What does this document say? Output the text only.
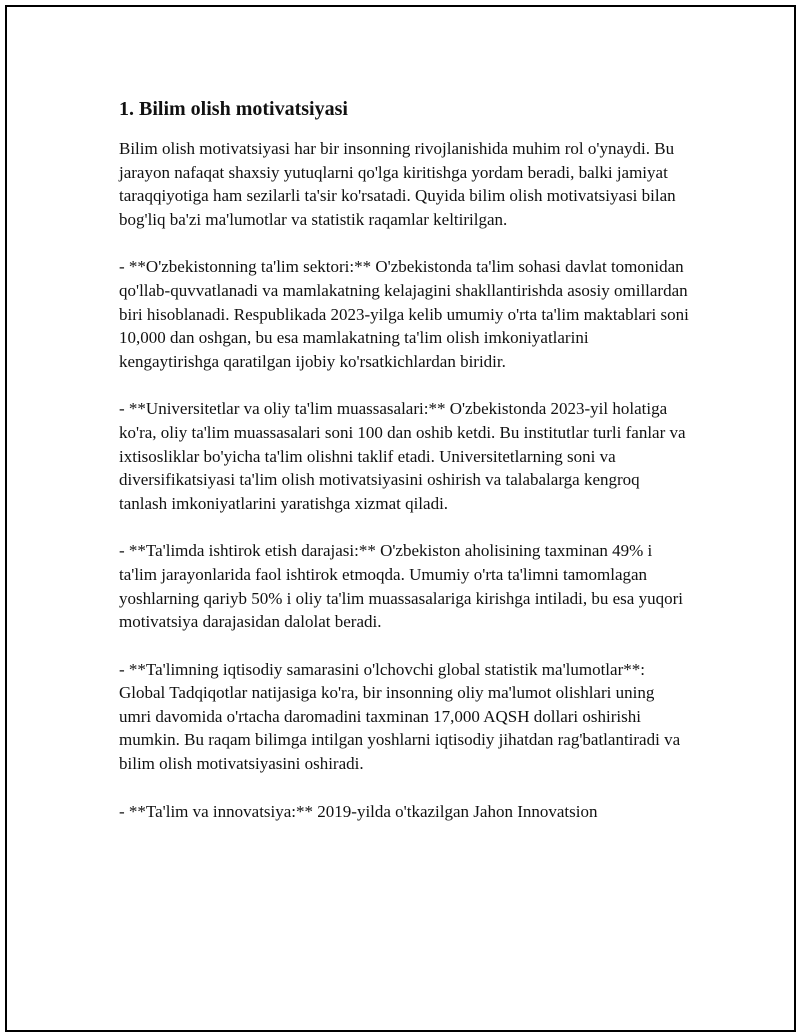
1. Bilim olish motivatsiyasi

Bilim olish motivatsiyasi har bir insonning rivojlanishida muhim rol o'ynaydi. Bu jarayon nafaqat shaxsiy yutuqlarni qo'lga kiritishga yordam beradi, balki jamiyat taraqqiyotiga ham sezilarli ta'sir ko'rsatadi. Quyida bilim olish motivatsiyasi bilan bog'liq ba'zi ma'lumotlar va statistik raqamlar keltirilgan.

- **O'zbekistonning ta'lim sektori:** O'zbekistonda ta'lim sohasi davlat tomonidan qo'llab-quvvatlanadi va mamlakatning kelajagini shakllantirishda asosiy omillardan biri hisoblanadi. Respublikada 2023-yilga kelib umumiy o'rta ta'lim maktablari soni 10,000 dan oshgan, bu esa mamlakatning ta'lim olish imkoniyatlarini kengaytirishga qaratilgan ijobiy ko'rsatkichlardan biridir.

- **Universitetlar va oliy ta'lim muassasalari:** O'zbekistonda 2023-yil holatiga ko'ra, oliy ta'lim muassasalari soni 100 dan oshib ketdi. Bu institutlar turli fanlar va ixtisosliklar bo'yicha ta'lim olishni taklif etadi. Universitetlarning soni va diversifikatsiyasi ta'lim olish motivatsiyasini oshirish va talabalarga kengroq tanlash imkoniyatlarini yaratishga xizmat qiladi.

- **Ta'limda ishtirok etish darajasi:** O'zbekiston aholisining taxminan 49% i ta'lim jarayonlarida faol ishtirok etmoqda. Umumiy o'rta ta'limni tamomlagan yoshlarning qariyb 50% i oliy ta'lim muassasalariga kirishga intiladi, bu esa yuqori motivatsiya darajasidan dalolat beradi.

- **Ta'limning iqtisodiy samarasini o'lchovchi global statistik ma'lumotlar**: Global Tadqiqotlar natijasiga ko'ra, bir insonning oliy ma'lumot olishlari uning umri davomida o'rtacha daromadini taxminan 17,000 AQSH dollari oshirishi mumkin. Bu raqam bilimga intilgan yoshlarni iqtisodiy jihatdan rag'batlantiradi va bilim olish motivatsiyasini oshiradi.

- **Ta'lim va innovatsiya:** 2019-yilda o'tkazilgan Jahon Innovatsion
